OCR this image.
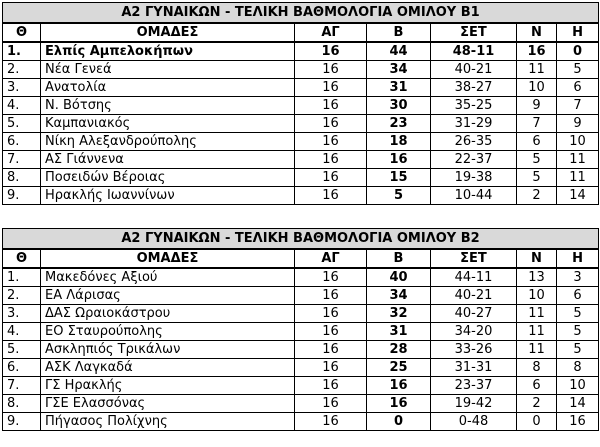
Α2 ΓΥΝΑΙΚΩΝ - ΤΕΛΙΚΗ ΒΑΘΜΟΛΟΓΙΑ ΟΜΙΛΟΥ Β1						
Θ	ΟΜΑΔΕΣ	ΑΓ	Β	ΣΕΤ	Ν	Η
1.	Ελπίς Αμπελοκήπων	16	44	48-11	16	0
2.	Νέα Γενεά	16	34	40-21	11	5
3.	Ανατολία	16	31	38-27	10	6
4.	Ν. Βότσης	16	30	35-25	9	7
5.	Καμπανιακός	16	23	31-29	7	9
6.	Νίκη Αλεξανδρούπολης	16	18	26-35	6	10
7.	ΑΣ Γιάννενα	16	16	22-37	5	11
8.	Ποσειδών Βέροιας	16	15	19-38	5	11
9.	Ηρακλής Ιωαννίνων	16	5	10-44	2	14
Α2 ΓΥΝΑΙΚΩΝ - ΤΕΛΙΚΗ ΒΑΘΜΟΛΟΓΙΑ ΟΜΙΛΟΥ Β2						
Θ	ΟΜΑΔΕΣ	ΑΓ	Β	ΣΕΤ	Ν	Η
1.	Μακεδόνες Αξιού	16	40	44-11	13	3
2.	ΕΑ Λάρισας	16	34	40-21	10	6
3.	ΔΑΣ Ωραιοκάστρου	16	32	40-27	11	5
4.	ΕΟ Σταυρούπολης	16	31	34-20	11	5
5.	Ασκληπιός Τρικάλων	16	28	33-26	11	5
6.	ΑΣΚ Λαγκαδά	16	25	31-31	8	8
7.	ΓΣ Ηρακλής	16	16	23-37	6	10
8.	ΓΣΕ Ελασσόνας	16	16	19-42	2	14
9.	Πήγασος Πολίχνης	16	0	0-48	0	16
